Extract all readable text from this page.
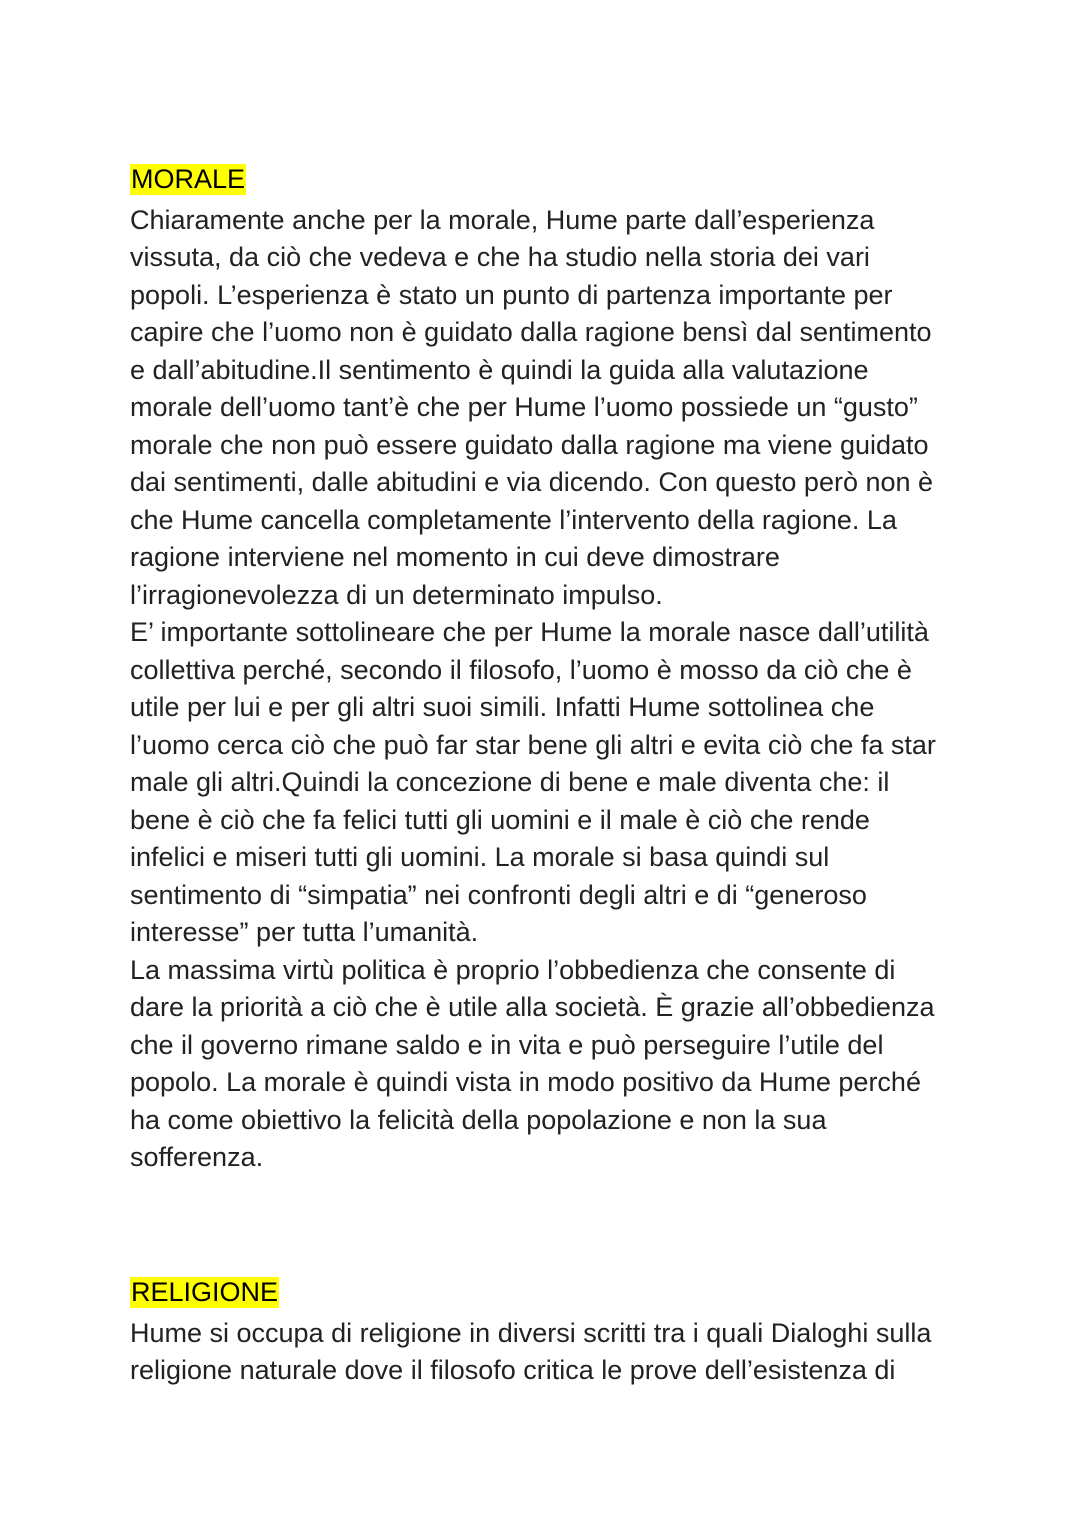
MORALE
Chiaramente anche per la morale, Hume parte dall’esperienza
vissuta, da ciò che vedeva e che ha studio nella storia dei vari
popoli. L’esperienza è stato un punto di partenza importante per
capire che l’uomo non è guidato dalla ragione bensì dal sentimento
e dall’abitudine.Il sentimento è quindi la guida alla valutazione
morale dell’uomo tant’è che per Hume l’uomo possiede un “gusto”
morale che non può essere guidato dalla ragione ma viene guidato
dai sentimenti, dalle abitudini e via dicendo. Con questo però non è
che Hume cancella completamente l’intervento della ragione. La
ragione interviene nel momento in cui deve dimostrare
l’irragionevolezza di un determinato impulso.
E’ importante sottolineare che per Hume la morale nasce dall’utilità
collettiva perché, secondo il filosofo, l’uomo è mosso da ciò che è
utile per lui e per gli altri suoi simili. Infatti Hume sottolinea che
l’uomo cerca ciò che può far star bene gli altri e evita ciò che fa star
male gli altri.Quindi la concezione di bene e male diventa che: il
bene è ciò che fa felici tutti gli uomini e il male è ciò che rende
infelici e miseri tutti gli uomini. La morale si basa quindi sul
sentimento di “simpatia” nei confronti degli altri e di “generoso
interesse” per tutta l’umanità.
La massima virtù politica è proprio l’obbedienza che consente di
dare la priorità a ciò che è utile alla società. È grazie all’obbedienza
che il governo rimane saldo e in vita e può perseguire l’utile del
popolo. La morale è quindi vista in modo positivo da Hume perché
ha come obiettivo la felicità della popolazione e non la sua
sofferenza.
RELIGIONE
Hume si occupa di religione in diversi scritti tra i quali Dialoghi sulla
religione naturale dove il filosofo critica le prove dell’esistenza di
